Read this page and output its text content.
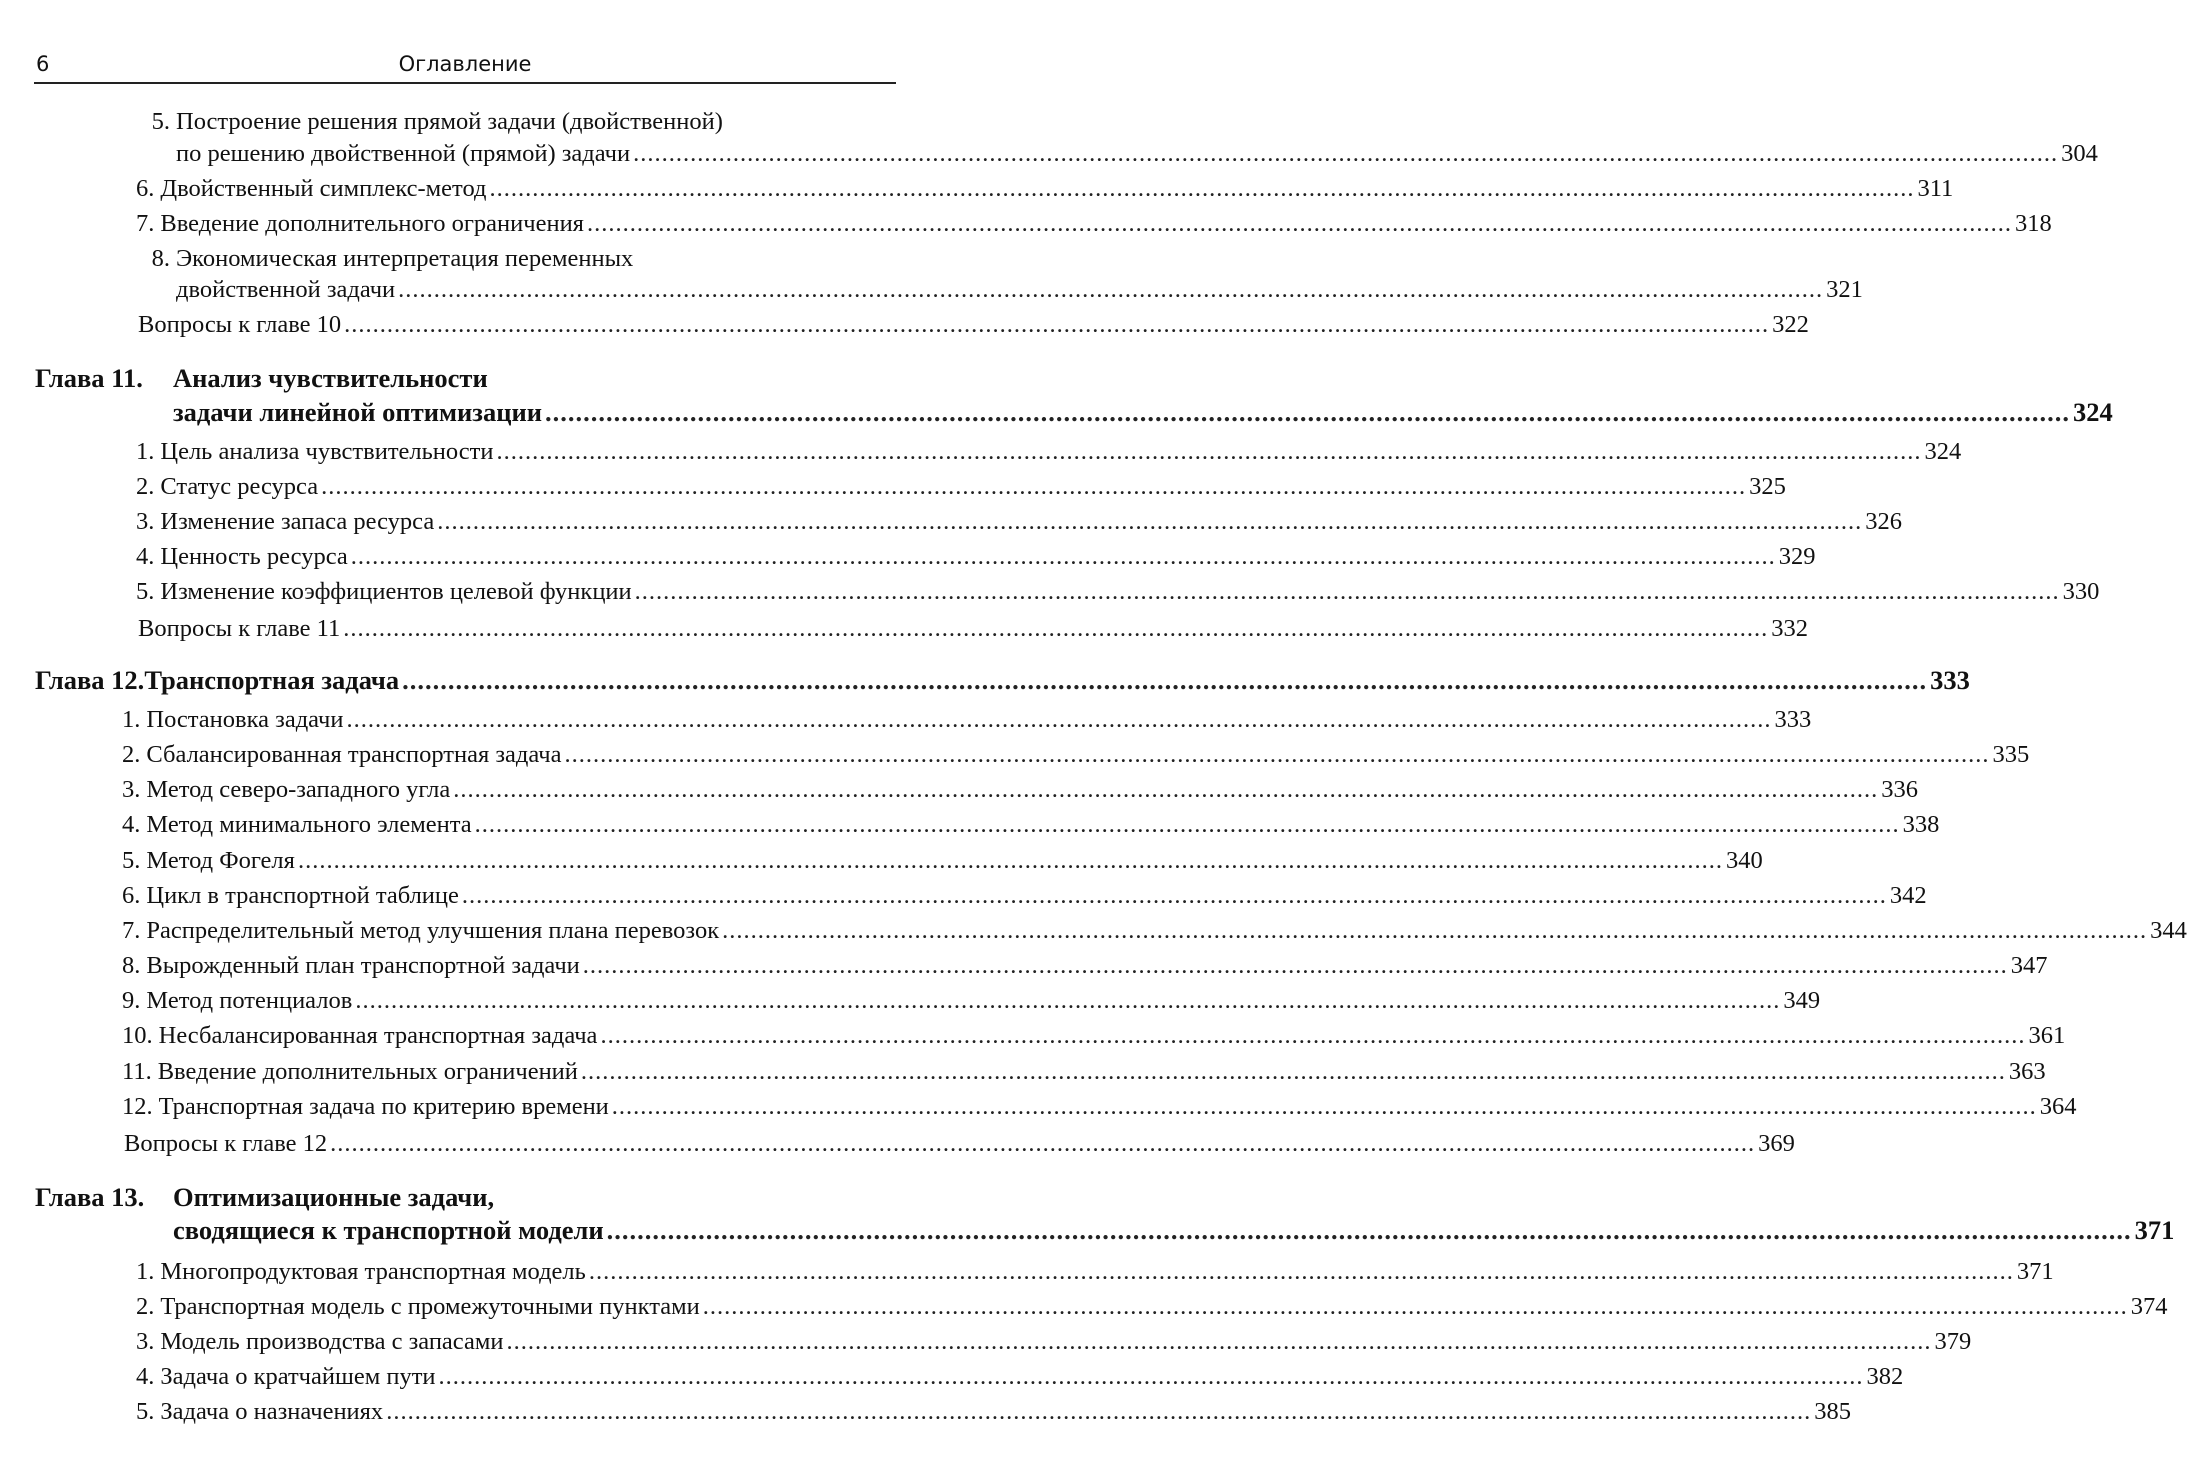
6	Оглавление
5. Построение решения прямой задачи (двойственной)
по решению двойственной (прямой) задачи ........................................................................................................................................................................................................ 304
6. Двойственный симплекс-метод ........................................................................................................................................................................................................ 311
7. Введение дополнительного ограничения ........................................................................................................................................................................................................ 318
8. Экономическая интерпретация переменных
двойственной задачи ........................................................................................................................................................................................................ 321
Вопросы к главе 10 ........................................................................................................................................................................................................ 322
Глава 11.	Анализ чувствительности
задачи линейной оптимизации ........................................................................................................................................................................................................ 324
1. Цель анализа чувствительности ........................................................................................................................................................................................................ 324
2. Статус ресурса ........................................................................................................................................................................................................ 325
3. Изменение запаса ресурса ........................................................................................................................................................................................................ 326
4. Ценность ресурса ........................................................................................................................................................................................................ 329
5. Изменение коэффициентов целевой функции ........................................................................................................................................................................................................ 330
Вопросы к главе 11 ........................................................................................................................................................................................................ 332
Глава 12. Транспортная задача ........................................................................................................................................................................................................ 333
1. Постановка задачи ........................................................................................................................................................................................................ 333
2. Сбалансированная транспортная задача ........................................................................................................................................................................................................ 335
3. Метод северо-западного угла ........................................................................................................................................................................................................ 336
4. Метод минимального элемента ........................................................................................................................................................................................................ 338
5. Метод Фогеля ........................................................................................................................................................................................................ 340
6. Цикл в транспортной таблице ........................................................................................................................................................................................................ 342
7. Распределительный метод улучшения плана перевозок ........................................................................................................................................................................................................ 344
8. Вырожденный план транспортной задачи ........................................................................................................................................................................................................ 347
9. Метод потенциалов ........................................................................................................................................................................................................ 349
10. Несбалансированная транспортная задача ........................................................................................................................................................................................................ 361
11. Введение дополнительных ограничений ........................................................................................................................................................................................................ 363
12. Транспортная задача по критерию времени ........................................................................................................................................................................................................ 364
Вопросы к главе 12 ........................................................................................................................................................................................................ 369
Глава 13.	Оптимизационные задачи,
сводящиеся к транспортной модели ........................................................................................................................................................................................................ 371
1. Многопродуктовая транспортная модель ........................................................................................................................................................................................................ 371
2. Транспортная модель с промежуточными пунктами ........................................................................................................................................................................................................ 374
3. Модель производства с запасами ........................................................................................................................................................................................................ 379
4. Задача о кратчайшем пути ........................................................................................................................................................................................................ 382
5. Задача о назначениях ........................................................................................................................................................................................................ 385
